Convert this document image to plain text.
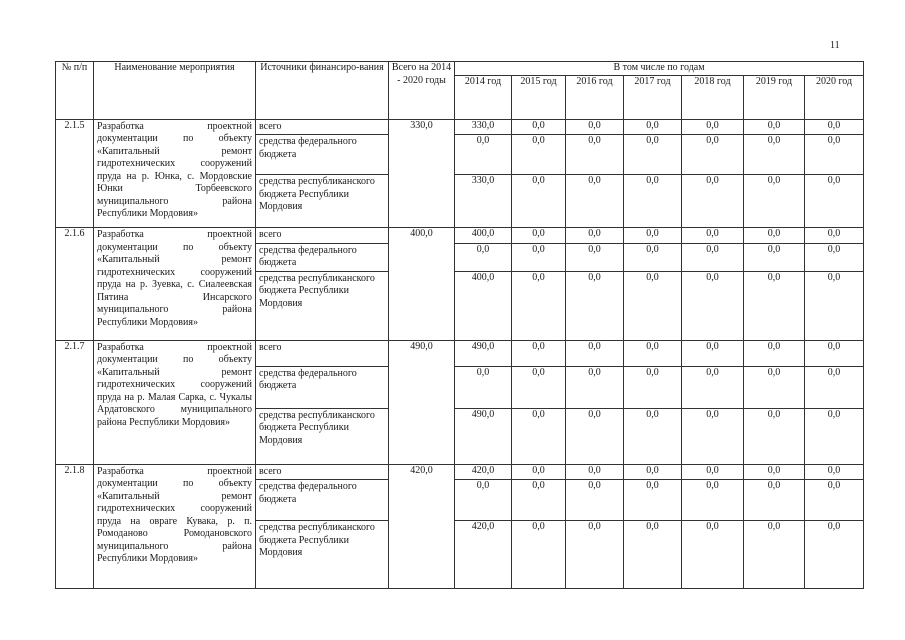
11
№ п/п	Наименование мероприятия	Источники финансиро-вания	Всего на 2014 - 2020 годы	В том числе по годам						
				2014 год	2015 год	2016 год	2017 год	2018 год	2019 год	2020 год
2.1.5	Разработка проектной документации по объекту «Капитальный ремонт гидротехнических сооружений пруда на р. Юнка, с. Мордовские Юнки Торбеевского муниципального района Республики Мордовия»	всего	330,0	330,0	0,0	0,0	0,0	0,0	0,0	0,0
		средства федерального бюджета		0,0	0,0	0,0	0,0	0,0	0,0	0,0
		средства республиканского бюджета Республики Мордовия		330,0	0,0	0,0	0,0	0,0	0,0	0,0
2.1.6	Разработка проектной документации по объекту «Капитальный ремонт гидротехнических сооружений пруда на р. Зуевка, с. Сиалеевская Пятина Инсарского муниципального района Республики Мордовия»	всего	400,0	400,0	0,0	0,0	0,0	0,0	0,0	0,0
		средства федерального бюджета		0,0	0,0	0,0	0,0	0,0	0,0	0,0
		средства республиканского бюджета Республики Мордовия		400,0	0,0	0,0	0,0	0,0	0,0	0,0
2.1.7	Разработка проектной документации по объекту «Капитальный ремонт гидротехнических сооружений пруда на р. Малая Сарка, с. Чукалы Ардатовского муниципального района Республики Мордовия»	всего	490,0	490,0	0,0	0,0	0,0	0,0	0,0	0,0
		средства федерального бюджета		0,0	0,0	0,0	0,0	0,0	0,0	0,0
		средства республиканского бюджета Республики Мордовия		490,0	0,0	0,0	0,0	0,0	0,0	0,0
2.1.8	Разработка проектной документации по объекту «Капитальный ремонт гидротехнических сооружений пруда на овраге Кувака, р. п. Ромоданово Ромодановского муниципального района Республики Мордовия»	всего	420,0	420,0	0,0	0,0	0,0	0,0	0,0	0,0
		средства федерального бюджета		0,0	0,0	0,0	0,0	0,0	0,0	0,0
		средства республиканского бюджета Республики Мордовия		420,0	0,0	0,0	0,0	0,0	0,0	0,0
